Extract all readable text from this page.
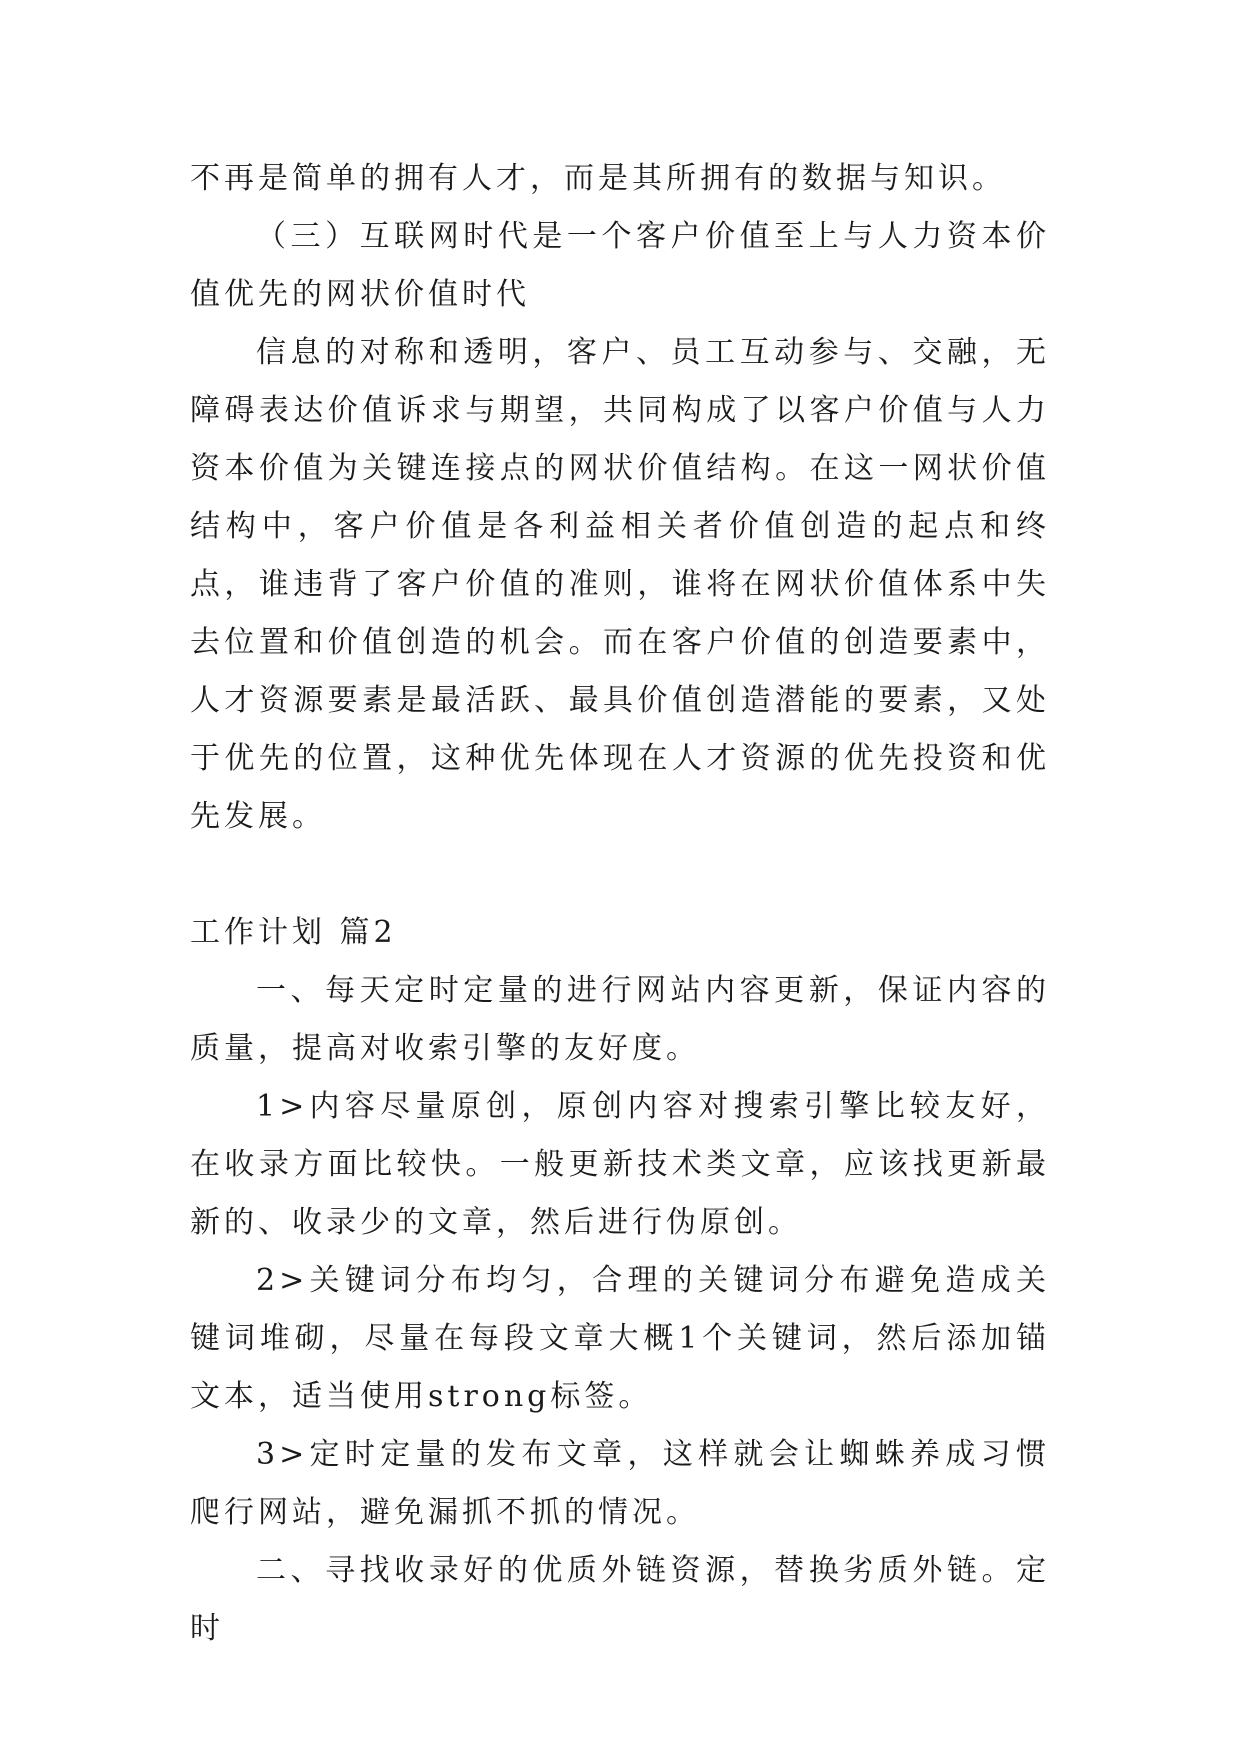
不再是简单的拥有人才，而是其所拥有的数据与知识。

（三）互联网时代是一个客户价值至上与人力资本价值优先的网状价值时代

信息的对称和透明，客户、员工互动参与、交融，无障碍表达价值诉求与期望，共同构成了以客户价值与人力资本价值为关键连接点的网状价值结构。在这一网状价值结构中，客户价值是各利益相关者价值创造的起点和终点，谁违背了客户价值的准则，谁将在网状价值体系中失去位置和价值创造的机会。而在客户价值的创造要素中，人才资源要素是最活跃、最具价值创造潜能的要素，又处于优先的位置，这种优先体现在人才资源的优先投资和优先发展。

工作计划 篇2

一、每天定时定量的进行网站内容更新，保证内容的质量，提高对收索引擎的友好度。

1>内容尽量原创，原创内容对搜索引擎比较友好，在收录方面比较快。一般更新技术类文章，应该找更新最新的、收录少的文章，然后进行伪原创。

2>关键词分布均匀，合理的关键词分布避免造成关键词堆砌，尽量在每段文章大概1个关键词，然后添加锚文本，适当使用strong标签。

3>定时定量的发布文章，这样就会让蜘蛛养成习惯爬行网站，避免漏抓不抓的情况。

二、寻找收录好的优质外链资源，替换劣质外链。定时
